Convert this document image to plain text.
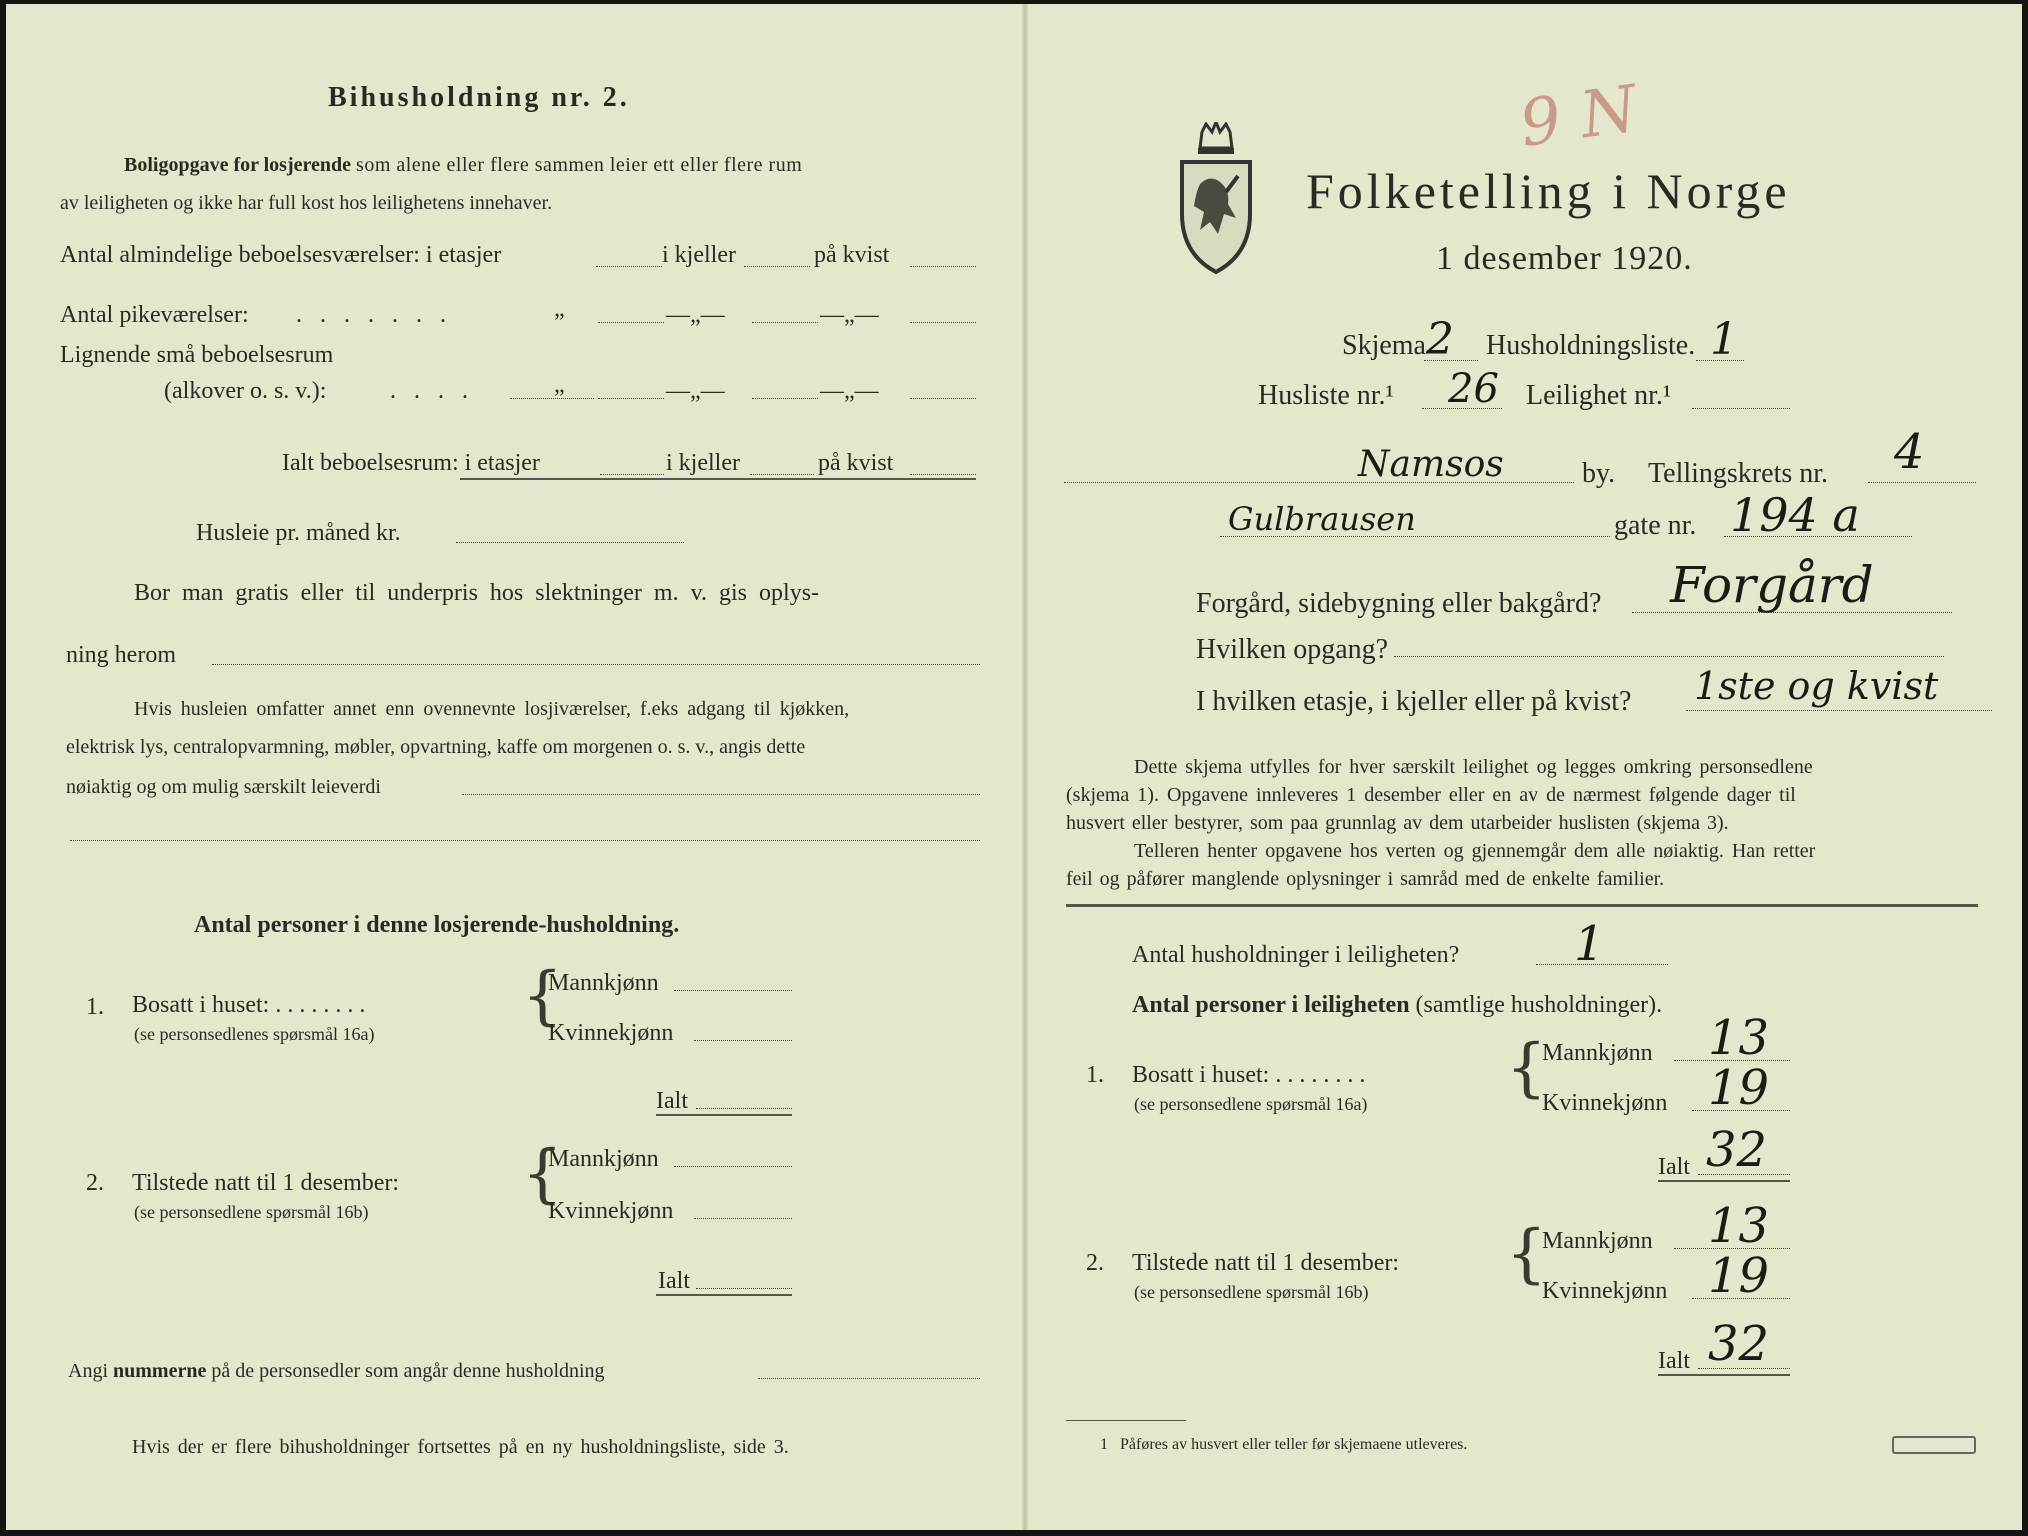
Bihusholdning nr. 2.
Boligopgave for losjerende som alene eller flere sammen leier ett eller flere rum
av leiligheten og ikke har full kost hos leilighetens innehaver.
Antal almindelige beboelsesværelser: i etasjer	i kjeller	på kvist
Antal pikeværelser: . . . . . . .	„	—„—	—„—
Lignende små beboelsesrum
(alkover o. s. v.):	. . . .	„	—„—	—„—
Ialt beboelsesrum: i etasjer	i kjeller	på kvist
Husleie pr. måned kr.
Bor man gratis eller til underpris hos slektninger m. v. gis oplys-
ning herom
Hvis husleien omfatter annet enn ovennevnte losjiværelser, f.eks adgang til kjøkken,
elektrisk lys, centralopvarmning, møbler, opvartning, kaffe om morgenen o. s. v., angis dette
nøiaktig og om mulig særskilt leieverdi
Antal personer i denne losjerende-husholdning.
1. Bosatt i huset: . . . . . . . .
(se personsedlenes spørsmål 16a)
{
Mannkjønn
Kvinnekjønn
Ialt
2. Tilstede natt til 1 desember:
(se personsedlene spørsmål 16b)
{
Mannkjønn
Kvinnekjønn
Ialt
Angi nummerne på de personsedler som angår denne husholdning
Hvis der er flere bihusholdninger fortsettes på en ny husholdningsliste, side 3.
9 N
Folketelling i Norge
1 desember 1920.
Skjema 2 Husholdningsliste. 1
Husliste nr.¹ 26 Leilighet nr.¹
Namsos	by. Tellingskrets nr. 4
Gulbrausen	gate nr. 194 a
Forgård, sidebygning eller bakgård? Forgård
Hvilken opgang?
I hvilken etasje, i kjeller eller på kvist? 1ste og kvist
Dette skjema utfylles for hver særskilt leilighet og legges omkring personsedlene
(skjema 1). Opgavene innleveres 1 desember eller en av de nærmest følgende dager til
husvert eller bestyrer, som paa grunnlag av dem utarbeider huslisten (skjema 3).
Telleren henter opgavene hos verten og gjennemgår dem alle nøiaktig. Han retter
feil og påfører manglende oplysninger i samråd med de enkelte familier.
Antal husholdninger i leiligheten? 1
Antal personer i leiligheten (samtlige husholdninger).
1. Bosatt i huset: . . . . . . . .
(se personsedlene spørsmål 16a) {
Mannkjønn 13
Kvinnekjønn 19
Ialt 32
2. Tilstede natt til 1 desember:
(se personsedlene spørsmål 16b)
{
Mannkjønn 13
Kvinnekjønn 19
Ialt 32
1 Påføres av husvert eller teller før skjemaene utleveres.
